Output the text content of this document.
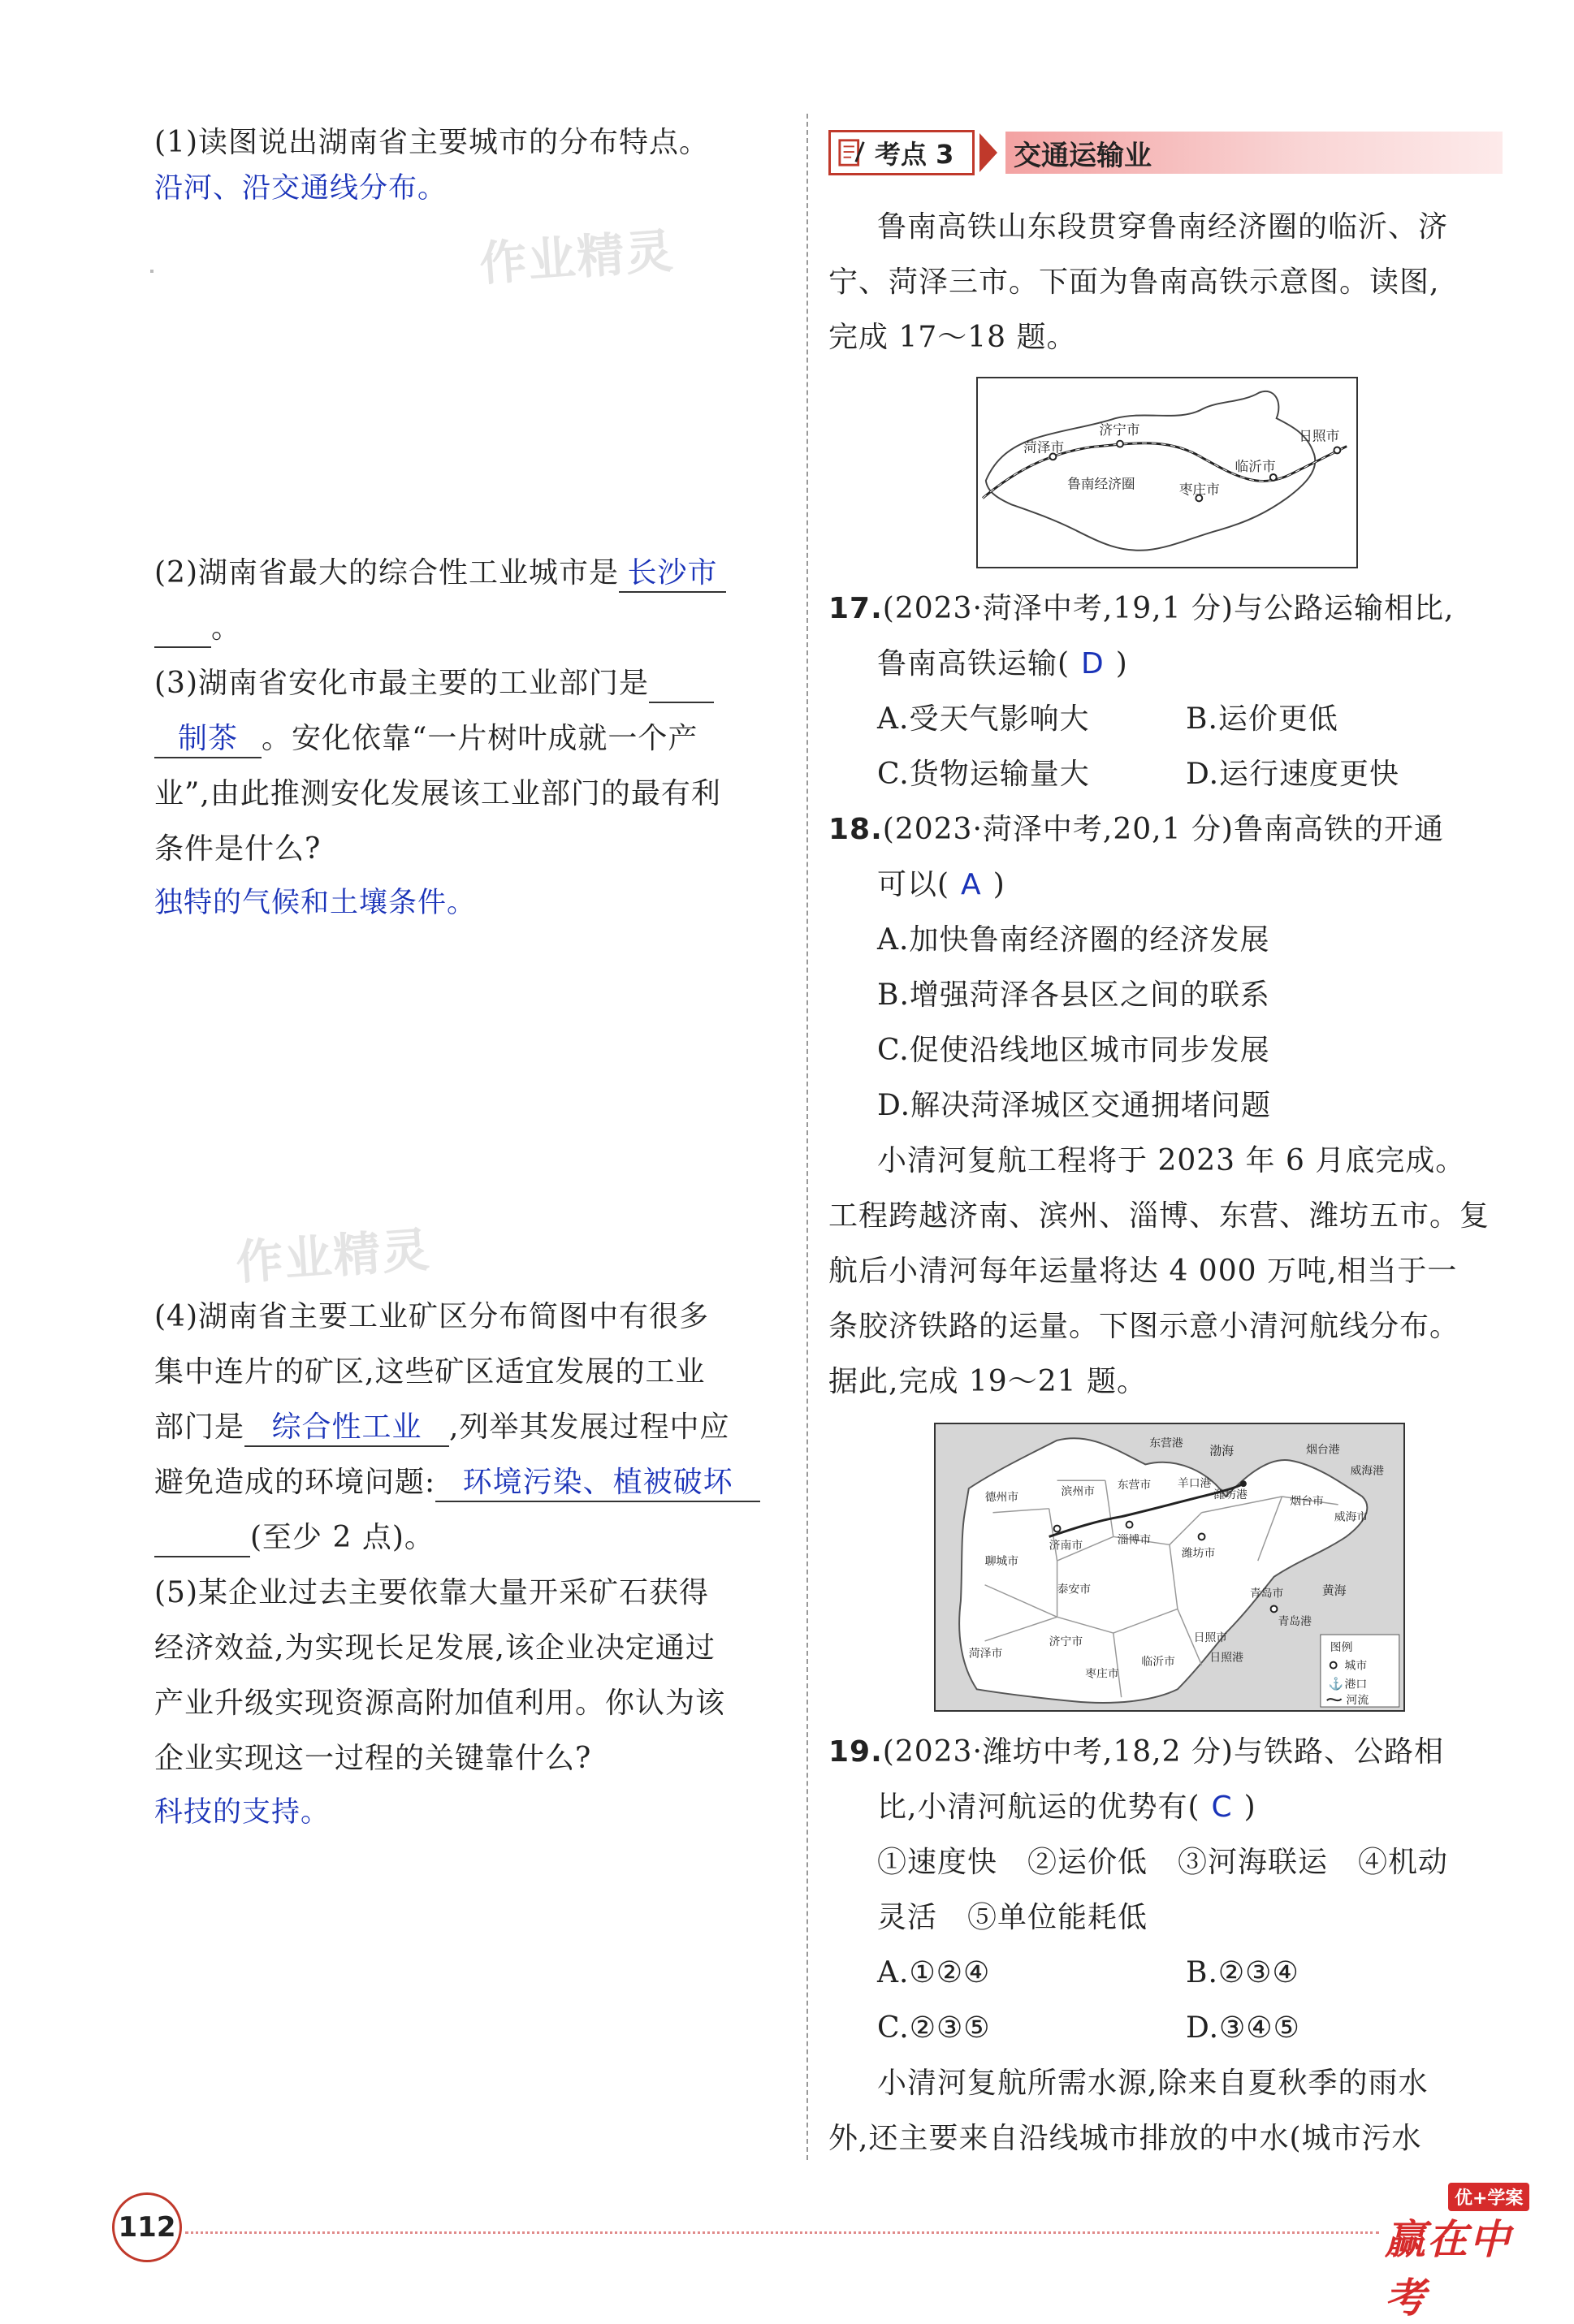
(1)读图说出湖南省主要城市的分布特点。
沿河、沿交通线分布。
作业精灵
(2)湖南省最大的综合性工业城市是 长沙市
。
(3)湖南省安化市最主要的工业部门是
制茶 。安化依靠“一片树叶成就一个产
业”,由此推测安化发展该工业部门的最有利
条件是什么?
独特的气候和土壤条件。
作业精灵
(4)湖南省主要工业矿区分布简图中有很多
集中连片的矿区,这些矿区适宜发展的工业
部门是 综合性工业 ,列举其发展过程中应
避免造成的环境问题: 环境污染、植被破坏
(至少 2 点)。
(5)某企业过去主要依靠大量开采矿石获得
经济效益,为实现长足发展,该企业决定通过
产业升级实现资源高附加值利用。你认为该
企业实现这一过程的关键靠什么?
科技的支持。
考点 3 交通运输业
鲁南高铁山东段贯穿鲁南经济圈的临沂、济
宁、菏泽三市。下面为鲁南高铁示意图。读图,
完成 17～18 题。
菏泽市
济宁市	日照市
临沂市
枣庄市
鲁南经济圈
17.(2023·菏泽中考,19,1 分)与公路运输相比,
鲁南高铁运输( D )
A.受天气影响大	B.运价更低
C.货物运输量大	D.运行速度更快
18.(2023·菏泽中考,20,1 分)鲁南高铁的开通
可以( A )
A.加快鲁南经济圈的经济发展
B.增强菏泽各县区之间的联系
C.促使沿线地区城市同步发展
D.解决菏泽城区交通拥堵问题
小清河复航工程将于 2023 年 6 月底完成。
工程跨越济南、滨州、淄博、东营、潍坊五市。复
航后小清河每年运量将达 4 000 万吨,相当于一
条胶济铁路的运量。下图示意小清河航线分布。
据此,完成 19～21 题。
东营港
渤海	烟台港
威海港
德州市	滨州市 东营市 羊口港
潍坊港	烟台市
威海市
聊城市
济南市	淄博市
潍坊市
泰安市	青岛市
青岛港
黄海
菏泽市
济宁市	日照市
枣庄市
临沂市	日照港
图例
城市
⚓ 港口
河流
19.(2023·潍坊中考,18,2 分)与铁路、公路相
比,小清河航运的优势有( C )
①速度快　②运价低　③河海联运　④机动
灵活　⑤单位能耗低
A.①②④	B.②③④
C.②③⑤	D.③④⑤
小清河复航所需水源,除来自夏秋季的雨水
外,还主要来自沿线城市排放的中水(城市污水
112
优+学案
赢在中考
